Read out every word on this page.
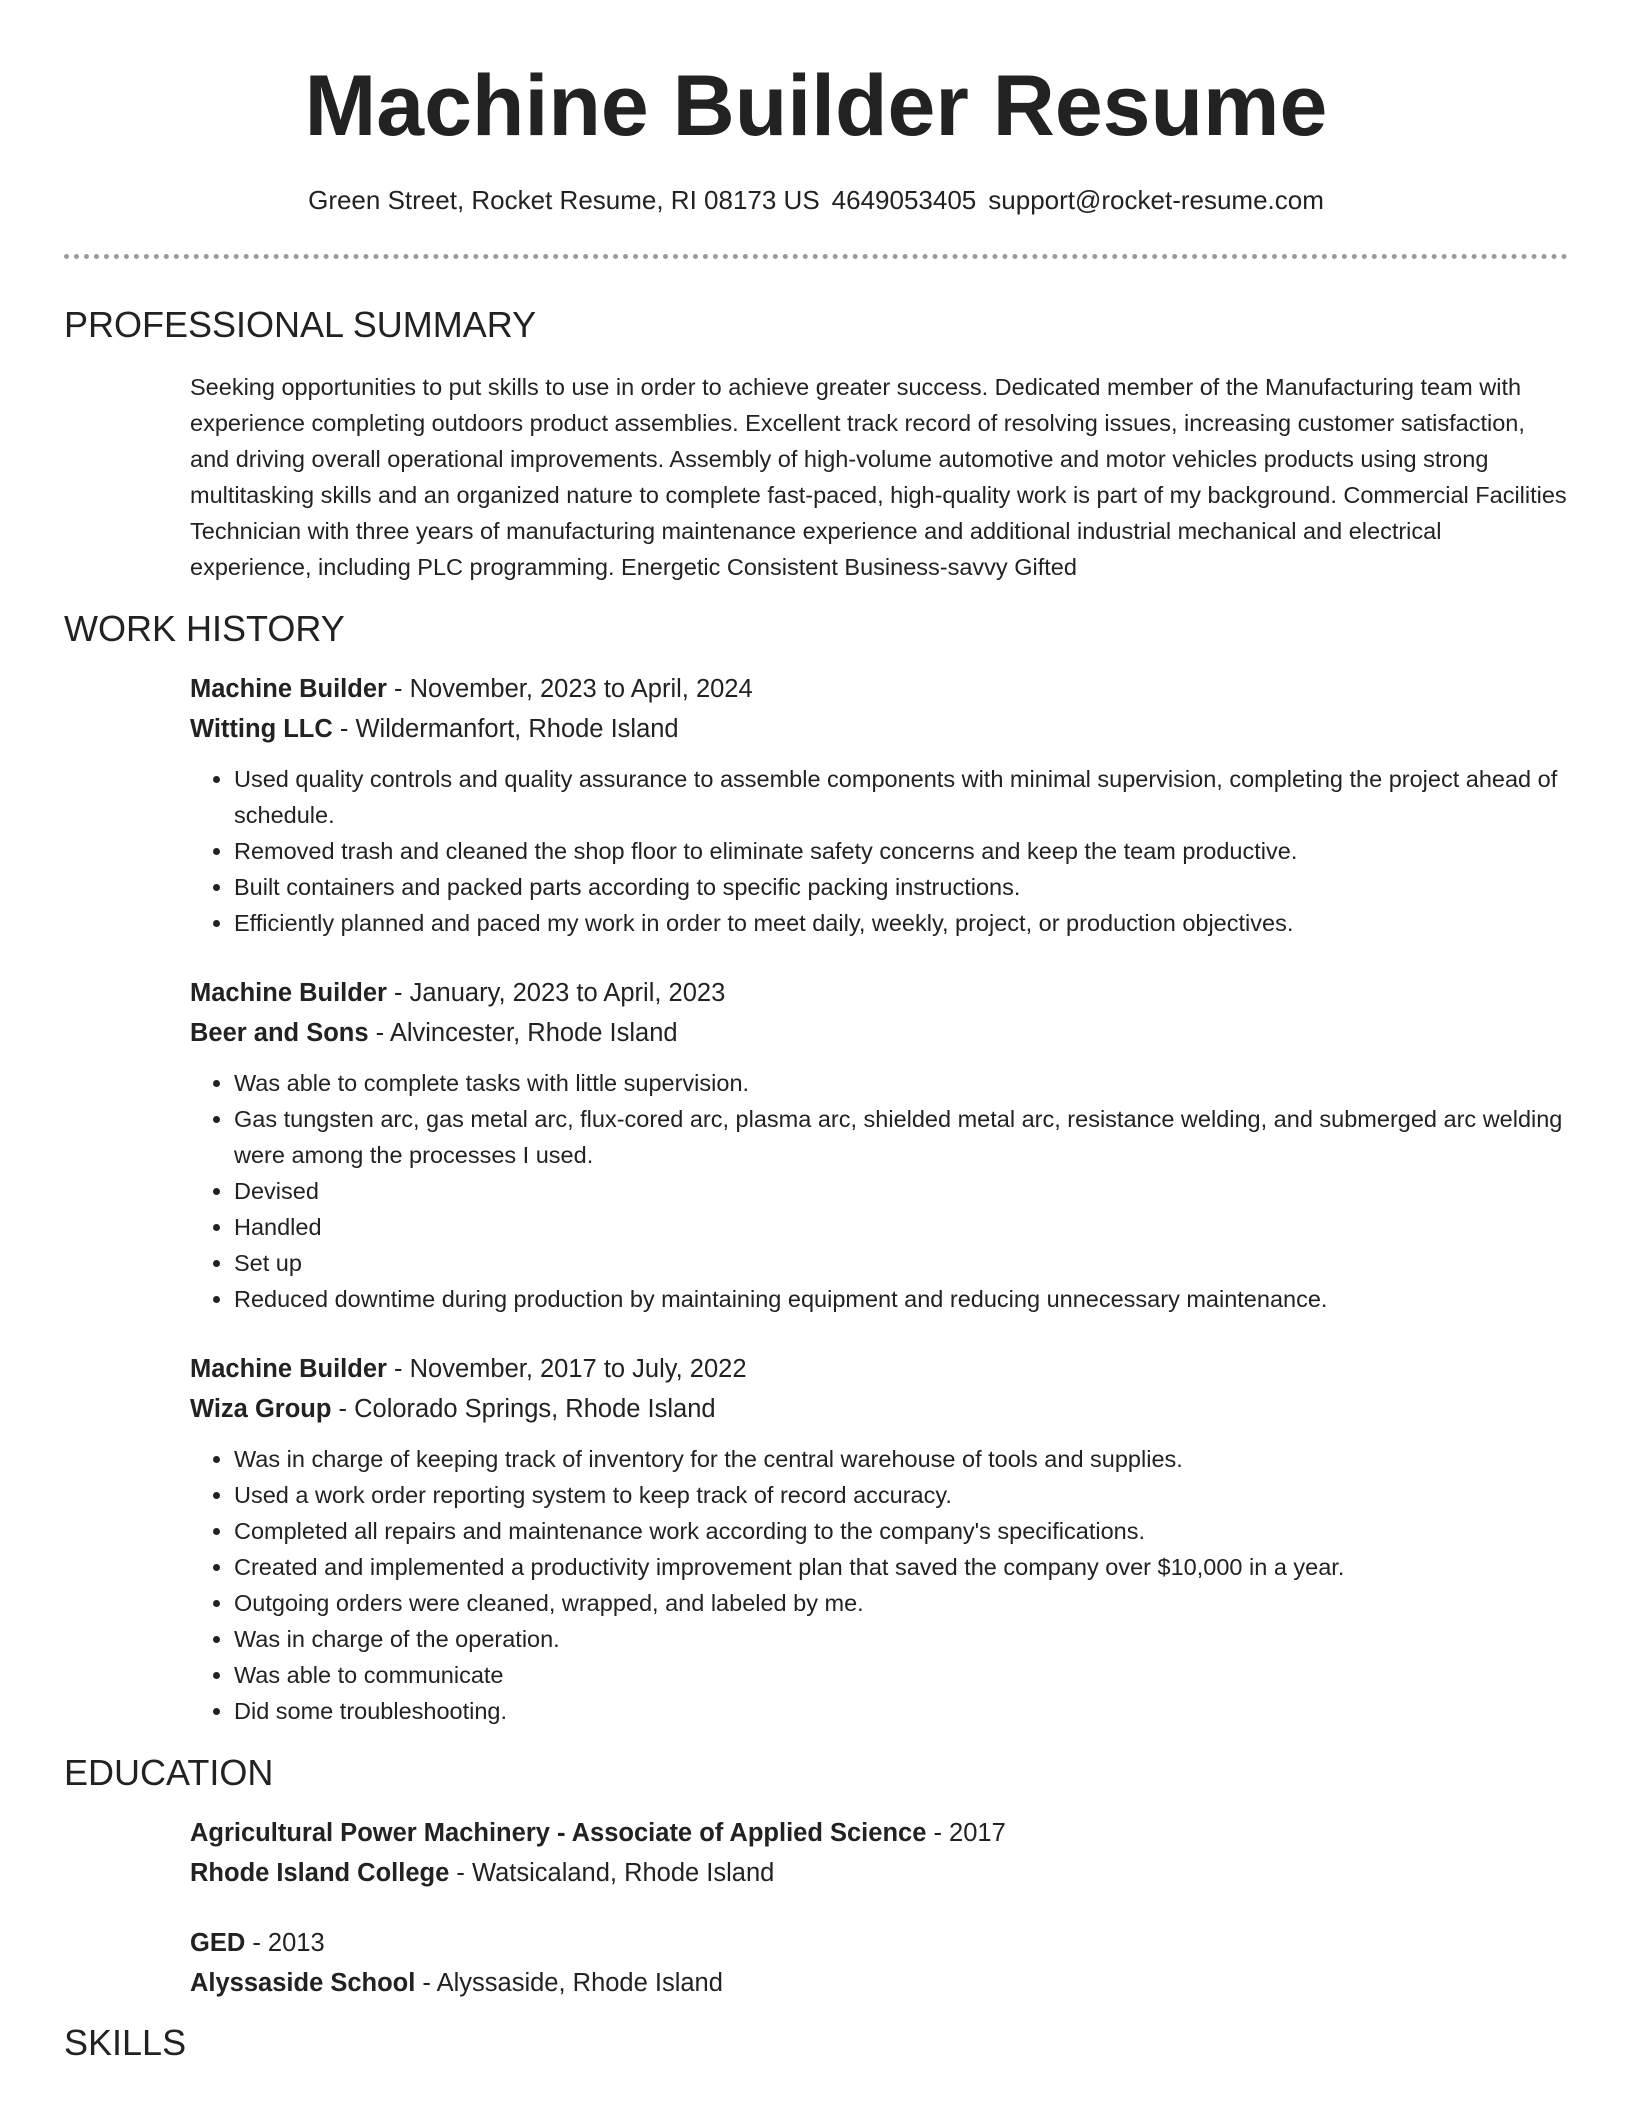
Machine Builder Resume
Green Street, Rocket Resume, RI 08173 US 4649053405 support@rocket-resume.com
PROFESSIONAL SUMMARY

Seeking opportunities to put skills to use in order to achieve greater success. Dedicated member of the Manufacturing team with experience completing outdoors product assemblies. Excellent track record of resolving issues, increasing customer satisfaction, and driving overall operational improvements. Assembly of high-volume automotive and motor vehicles products using strong multitasking skills and an organized nature to complete fast-paced, high-quality work is part of my background. Commercial Facilities Technician with three years of manufacturing maintenance experience and additional industrial mechanical and electrical experience, including PLC programming. Energetic Consistent Business-savvy Gifted

WORK HISTORY

Machine Builder - November, 2023 to April, 2024

Witting LLC - Wildermanfort, Rhode Island

• Used quality controls and quality assurance to assemble components with minimal supervision, completing the project ahead of schedule.
• Removed trash and cleaned the shop floor to eliminate safety concerns and keep the team productive.
• Built containers and packed parts according to specific packing instructions.
• Efficiently planned and paced my work in order to meet daily, weekly, project, or production objectives.

Machine Builder - January, 2023 to April, 2023

Beer and Sons - Alvincester, Rhode Island

• Was able to complete tasks with little supervision.
• Gas tungsten arc, gas metal arc, flux-cored arc, plasma arc, shielded metal arc, resistance welding, and submerged arc welding were among the processes I used.
• Devised
• Handled
• Set up
• Reduced downtime during production by maintaining equipment and reducing unnecessary maintenance.

Machine Builder - November, 2017 to July, 2022

Wiza Group - Colorado Springs, Rhode Island

• Was in charge of keeping track of inventory for the central warehouse of tools and supplies.
• Used a work order reporting system to keep track of record accuracy.
• Completed all repairs and maintenance work according to the company's specifications.
• Created and implemented a productivity improvement plan that saved the company over $10,000 in a year.
• Outgoing orders were cleaned, wrapped, and labeled by me.
• Was in charge of the operation.
• Was able to communicate
• Did some troubleshooting.
EDUCATION

Agricultural Power Machinery - Associate of Applied Science - 2017

Rhode Island College - Watsicaland, Rhode Island

GED - 2013

Alyssaside School - Alyssaside, Rhode Island

SKILLS
